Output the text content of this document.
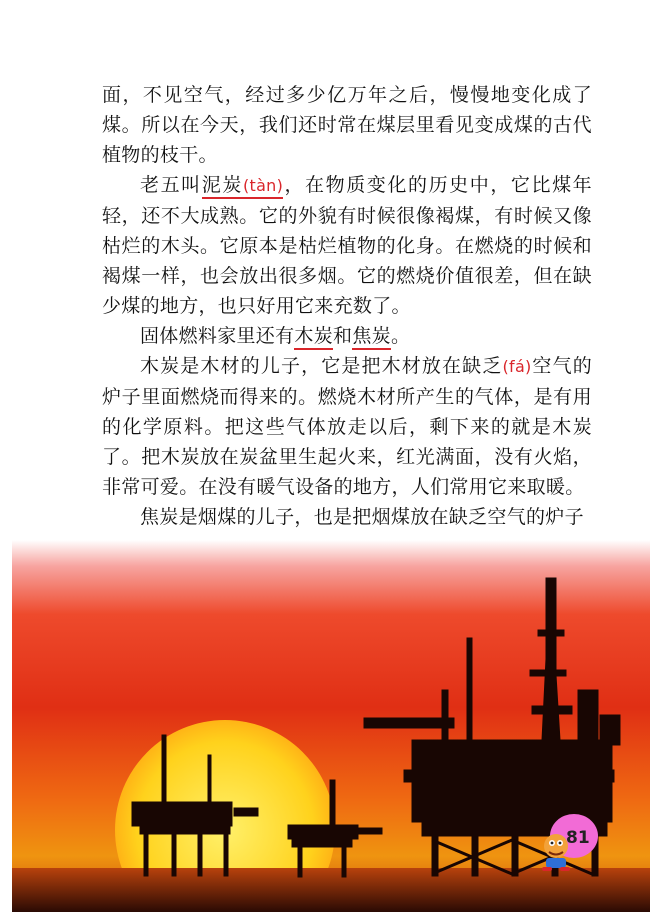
面，不见空气，经过多少亿万年之后，慢慢地变化成了煤。所以在今天，我们还时常在煤层里看见变成煤的古代植物的枝干。

老五叫泥炭(tàn)，在物质变化的历史中，它比煤年轻，还不大成熟。它的外貌有时候很像褐煤，有时候又像枯烂的木头。它原本是枯烂植物的化身。在燃烧的时候和褐煤一样，也会放出很多烟。它的燃烧价值很差，但在缺少煤的地方，也只好用它来充数了。

固体燃料家里还有木炭和焦炭。

木炭是木材的儿子，它是把木材放在缺乏(fá)空气的炉子里面燃烧而得来的。燃烧木材所产生的气体，是有用的化学原料。把这些气体放走以后，剩下来的就是木炭了。把木炭放在炭盆里生起火来，红光满面，没有火焰，非常可爱。在没有暖气设备的地方，人们常用它来取暖。

焦炭是烟煤的儿子，也是把烟煤放在缺乏空气的炉子

81
